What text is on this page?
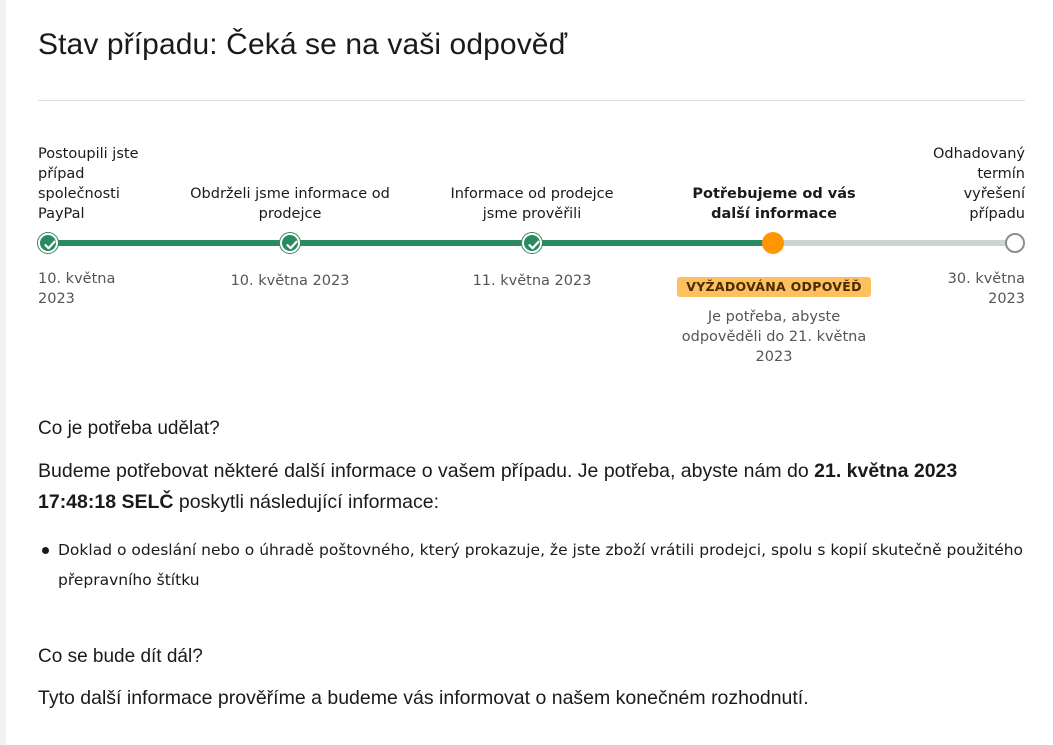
Stav případu: Čeká se na vaši odpověď
Postoupili jste případ společnosti PayPal
Obdrželi jsme informace od prodejce
Informace od prodejce jsme prověřili
Potřebujeme od vás další informace
Odhadovaný termín vyřešení případu
10. května 2023
10. května 2023	11. května 2023	30. května 2023
VYŽADOVÁNA ODPOVĚĎ
Je potřeba, abyste odpověděli do 21. května 2023
Co je potřeba udělat?
Budeme potřebovat některé další informace o vašem případu. Je potřeba, abyste nám do 21. května 2023 17:48:18 SELČ poskytli následující informace:
Doklad o odeslání nebo o úhradě poštovného, který prokazuje, že jste zboží vrátili prodejci, spolu s kopií skutečně použitého přepravního štítku
Co se bude dít dál?
Tyto další informace prověříme a budeme vás informovat o našem konečném rozhodnutí.
